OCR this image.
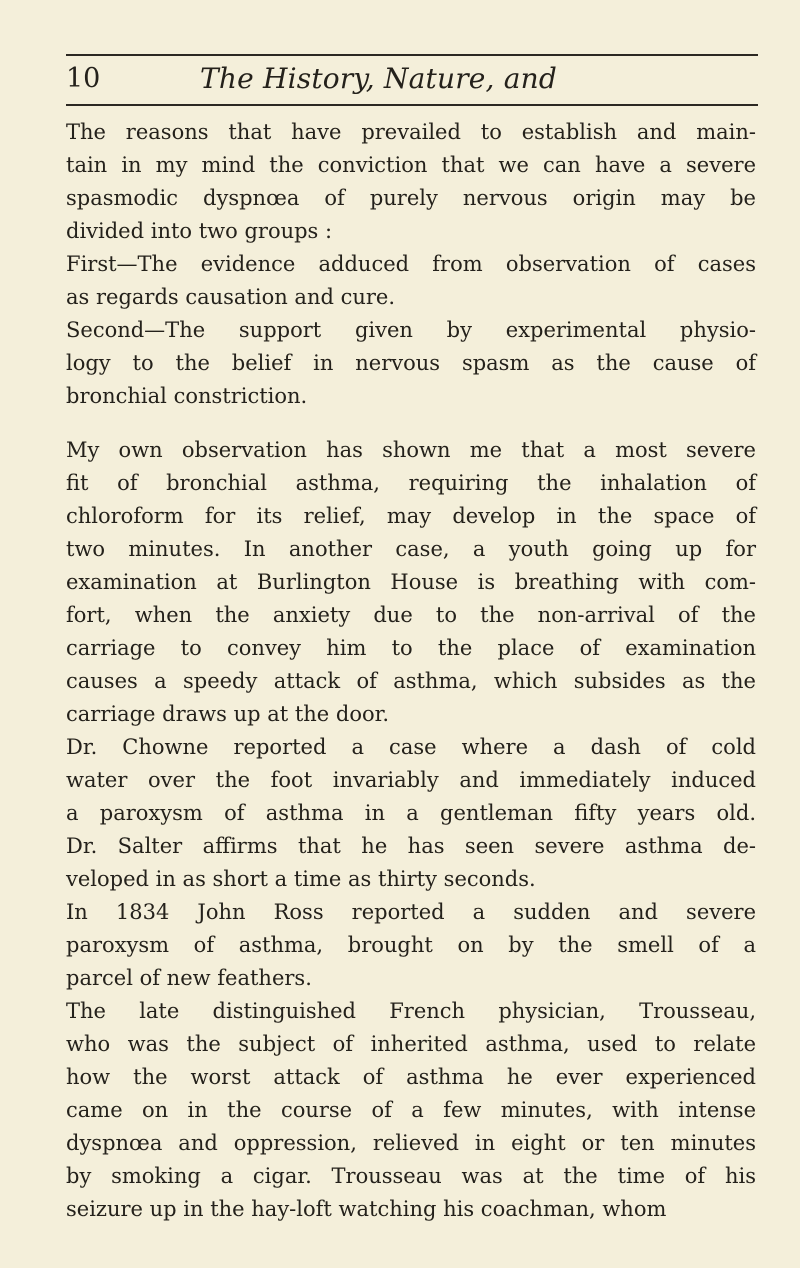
10	The History, Nature, and
The reasons that have prevailed to establish and main-
tain in my mind the conviction that we can have a severe
spasmodic dyspnœa of purely nervous origin may be
divided into two groups :
First—The evidence adduced from observation of cases
as regards causation and cure.
Second—The support given by experimental physio-
logy to the belief in nervous spasm as the cause of
bronchial constriction.
My own observation has shown me that a most severe
fit of bronchial asthma, requiring the inhalation of
chloroform for its relief, may develop in the space of
two minutes. In another case, a youth going up for
examination at Burlington House is breathing with com-
fort, when the anxiety due to the non-arrival of the
carriage to convey him to the place of examination
causes a speedy attack of asthma, which subsides as the
carriage draws up at the door.
Dr. Chowne reported a case where a dash of cold
water over the foot invariably and immediately induced
a paroxysm of asthma in a gentleman fifty years old.
Dr. Salter affirms that he has seen severe asthma de-
veloped in as short a time as thirty seconds.
In 1834 John Ross reported a sudden and severe
paroxysm of asthma, brought on by the smell of a
parcel of new feathers.
The late distinguished French physician, Trousseau,
who was the subject of inherited asthma, used to relate
how the worst attack of asthma he ever experienced
came on in the course of a few minutes, with intense
dyspnœa and oppression, relieved in eight or ten minutes
by smoking a cigar. Trousseau was at the time of his
seizure up in the hay-loft watching his coachman, whom
